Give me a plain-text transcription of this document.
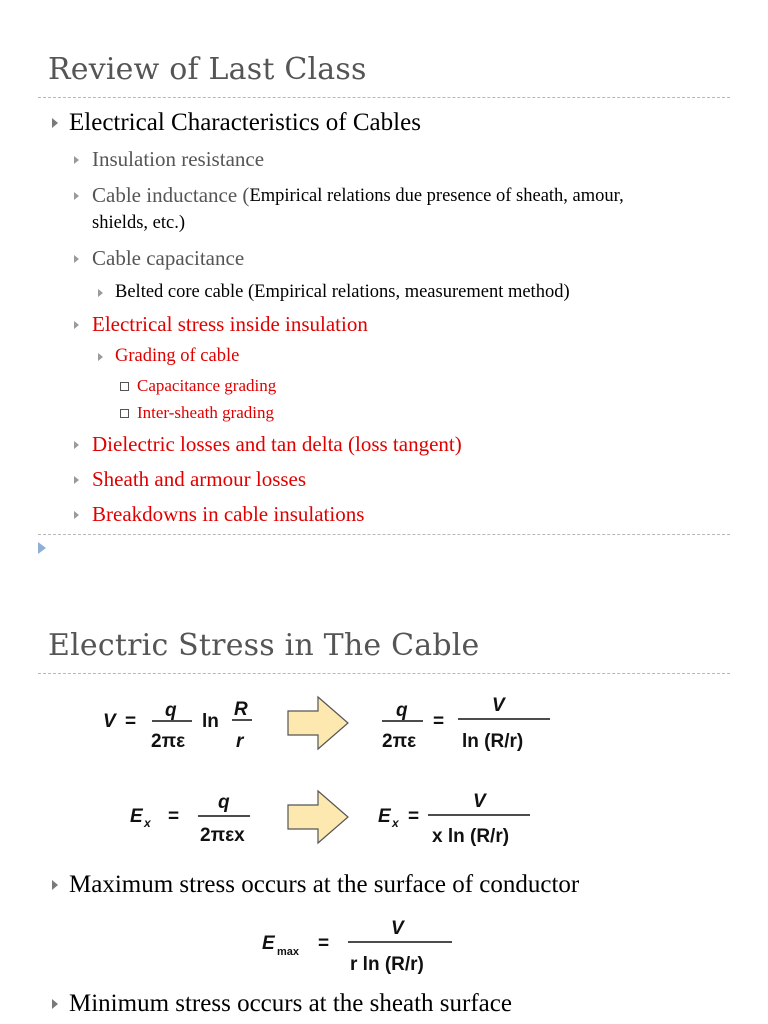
Review of Last Class
Electrical Characteristics of Cables
Insulation resistance
Cable inductance ( Empirical relations due presence of sheath, amour,
shields, etc.)
Cable capacitance
Belted core cable (Empirical relations, measurement method)
Electrical stress inside insulation
Grading of cable
Capacitance grading
Inter-sheath grading
Dielectric losses and tan delta (loss tangent)
Sheath and armour losses
Breakdowns in cable insulations
Electric Stress in The Cable
V =
q
2πε
ln
R
r
q
2πε
=
V
ln (R/r)
E x =
q
2πεx
E x =
V
x ln (R/r)
E max =
V
r ln (R/r)
Maximum stress occurs at the surface of conductor
Minimum stress occurs at the sheath surface
